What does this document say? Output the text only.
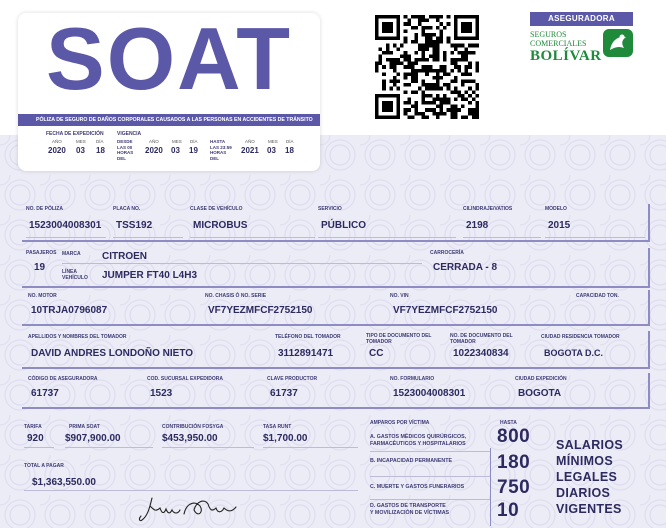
SOAT
PÓLIZA DE SEGURO DE DAÑOS CORPORALES CAUSADOS A LAS PERSONAS EN ACCIDENTES DE TRÁNSITO
FECHA DE EXPEDICIÓN
AÑO	MES DÍA
2020 03 18
VIGENCIA
DESDE LAS 00 HORAS DEL
AÑO	MES DÍA
2020 03 19
HASTA LAS 23:59 HORAS DEL
AÑO	MES DÍA
2021 03 18
ASEGURADORA
SEGUROS
COMERCIALES
BOLÍVAR
NO. DE PÓLIZA
1523004008301
PLACA NO.
TSS192
CLASE DE VEHÍCULO
MICROBUS
SERVICIO
PÚBLICO
CILINDRAJE/VATIOS
2198
MODELO
2015
PASAJEROS
19
MARCA CITROEN
LÍNEA VEHÍCULO JUMPER FT40 L4H3
CARROCERÍA
CERRADA - 8
NO. MOTOR
10TRJA0796087
NO. CHASIS Ó NO. SERIE
VF7YEZMFCF2752150
NO. VIN
VF7YEZMFCF2752150
CAPACIDAD TON.
APELLIDOS Y NOMBRES DEL TOMADOR
DAVID ANDRES LONDOÑO NIETO
TELÉFONO DEL TOMADOR
3112891471
TIPO DE DOCUMENTO DEL TOMADOR
CC
NO. DE DOCUMENTO DEL TOMADOR
1022340834
CIUDAD RESIDENCIA TOMADOR
BOGOTA D.C.
CÓDIGO DE ASEGURADORA
61737
COD. SUCURSAL EXPEDIDORA
1523
CLAVE PRODUCTOR
61737
NO. FORMULARIO
1523004008301
CIUDAD EXPEDICIÓN
BOGOTA
TARIFA
920
PRIMA SOAT
$907,900.00
CONTRIBUCIÓN FOSYGA
$453,950.00
TASA RUNT
$1,700.00
TOTAL A PAGAR
$1,363,550.00
AMPAROS POR VÍCTIMA	HASTA
A. GASTOS MÉDICOS QUIRÚRGICOS,
FARMACÉUTICOS Y HOSPITALARIOS 800
B. INCAPACIDAD PERMANENTE 180
C. MUERTE Y GASTOS FUNERARIOS 750
D. GASTOS DE TRANSPORTE
Y MOVILIZACIÓN DE VÍCTIMAS	10
SALARIOS
MÍNIMOS
LEGALES
DIARIOS
VIGENTES
